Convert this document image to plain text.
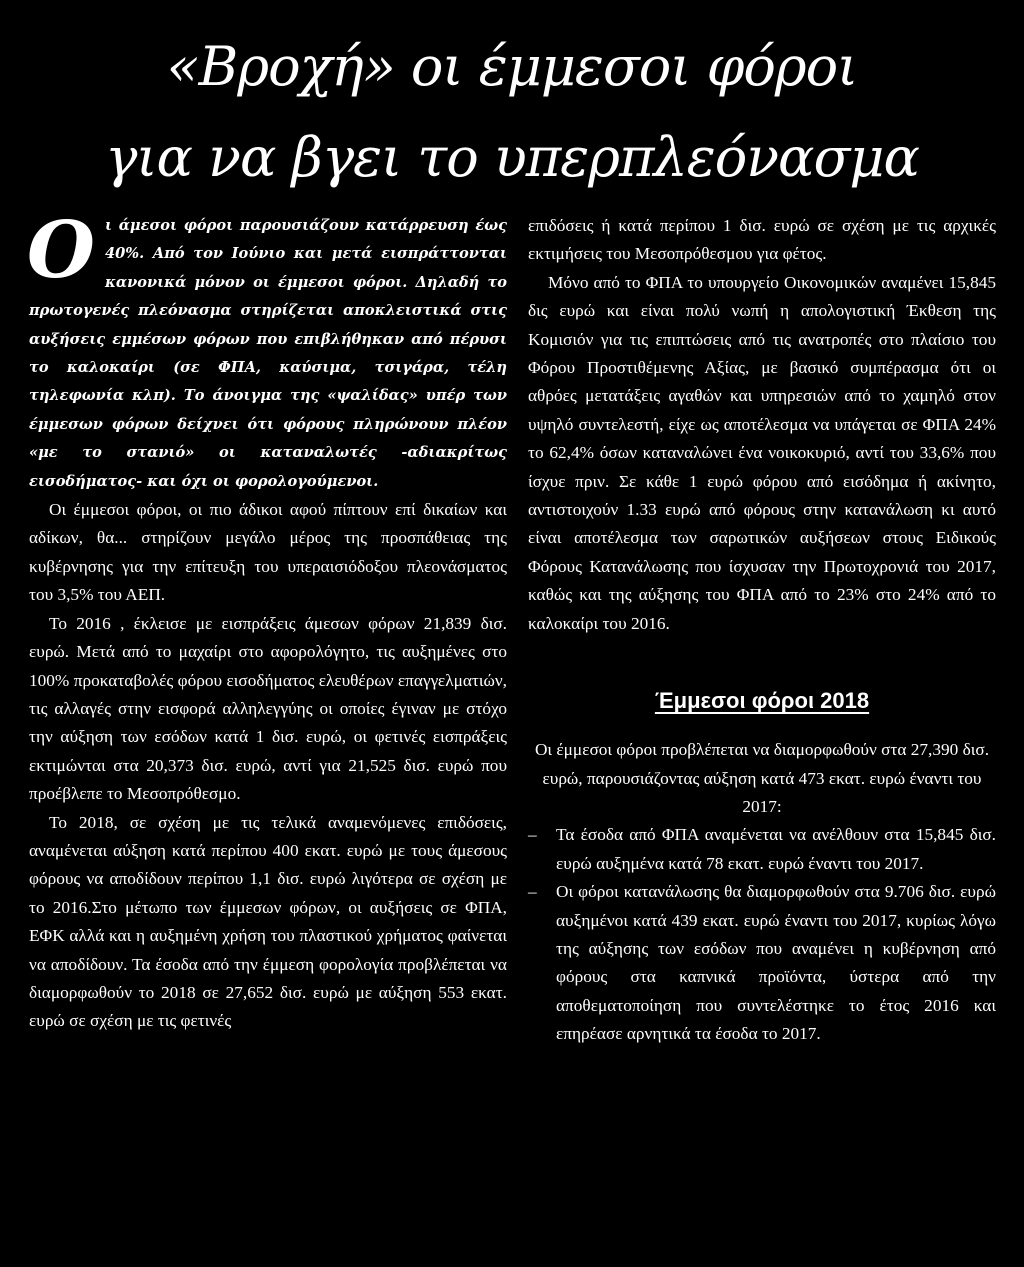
«Βροχή» οι έμμεσοι φόροι
για να βγει το υπερπλεόνασμα

Οι άμεσοι φόροι παρουσιάζουν κατάρρευση έως 40%. Από τον Ιούνιο και μετά εισπράττονται κανονικά μόνον οι έμμεσοι φόροι. Δηλαδή το πρωτογενές πλεόνασμα στηρίζεται αποκλειστικά στις αυξήσεις εμμέσων φόρων που επιβλήθηκαν από πέρυσι το καλοκαίρι (σε ΦΠΑ, καύσιμα, τσιγάρα, τέλη τηλεφωνία κλπ). Το άνοιγμα της «ψαλίδας» υπέρ των έμμεσων φόρων δείχνει ότι φόρους πληρώνουν πλέον «με το στανιό» οι καταναλωτές -αδιακρίτως εισοδήματος- και όχι οι φορολογούμενοι.

Οι έμμεσοι φόροι, οι πιο άδικοι αφού πίπτουν επί δικαίων και αδίκων, θα... στηρίζουν μεγάλο μέρος της προσπάθειας της κυβέρνησης για την επίτευξη του υπεραισιόδοξου πλεονάσματος του 3,5% του ΑΕΠ.

Το 2016 , έκλεισε με εισπράξεις άμεσων φόρων 21,839 δισ. ευρώ. Μετά από το μαχαίρι στο αφορολόγητο, τις αυξημένες στο 100% προκαταβολές φόρου εισοδήματος ελευθέρων επαγγελματιών, τις αλλαγές στην εισφορά αλληλεγγύης οι οποίες έγιναν με στόχο την αύξηση των εσόδων κατά 1 δισ. ευρώ, οι φετινές εισπράξεις εκτιμώνται στα 20,373 δισ. ευρώ, αντί για 21,525 δισ. ευρώ που προέβλεπε το Μεσοπρόθεσμο.

Το 2018, σε σχέση με τις τελικά αναμενόμενες επιδόσεις, αναμένεται αύξηση κατά περίπου 400 εκατ. ευρώ με τους άμεσους φόρους να αποδίδουν περίπου 1,1 δισ. ευρώ λιγότερα σε σχέση με το 2016.Στο μέτωπο των έμμεσων φόρων, οι αυξήσεις σε ΦΠΑ, ΕΦΚ αλλά και η αυξημένη χρήση του πλαστικού χρήματος φαίνεται να αποδίδουν. Τα έσοδα από την έμμεση φορολογία προβλέπεται να διαμορφωθούν το 2018 σε 27,652 δισ. ευρώ με αύξηση 553 εκατ. ευρώ σε σχέση με τις φετινές

επιδόσεις ή κατά περίπου 1 δισ. ευρώ σε σχέση με τις αρχικές εκτιμήσεις του Μεσοπρόθεσμου για φέτος.

Μόνο από το ΦΠΑ το υπουργείο Οικονομικών αναμένει 15,845 δις ευρώ και είναι πολύ νωπή η απολογιστική Έκθεση της Κομισιόν για τις επιπτώσεις από τις ανατροπές στο πλαίσιο του Φόρου Προστιθέμενης Αξίας, με βασικό συμπέρασμα ότι οι αθρόες μετατάξεις αγαθών και υπηρεσιών από το χαμηλό στον υψηλό συντελεστή, είχε ως αποτέλεσμα να υπάγεται σε ΦΠΑ 24% το 62,4% όσων καταναλώνει ένα νοικοκυριό, αντί του 33,6% που ίσχυε πριν. Σε κάθε 1 ευρώ φόρου από εισόδημα ή ακίνητο, αντιστοιχούν 1.33 ευρώ από φόρους στην κατανάλωση κι αυτό είναι αποτέλεσμα των σαρωτικών αυξήσεων στους Ειδικούς Φόρους Κατανάλωσης που ίσχυσαν την Πρωτοχρονιά του 2017, καθώς και της αύξησης του ΦΠΑ από το 23% στο 24% από το καλοκαίρι του 2016.

Έμμεσοι φόροι 2018

Οι έμμεσοι φόροι προβλέπεται να διαμορφωθούν στα 27,390 δισ. ευρώ, παρουσιάζοντας αύξηση κατά 473 εκατ. ευρώ έναντι του 2017:

– Τα έσοδα από ΦΠΑ αναμένεται να ανέλθουν στα 15,845 δισ. ευρώ αυξημένα κατά 78 εκατ. ευρώ έναντι του 2017.

– Οι φόροι κατανάλωσης θα διαμορφωθούν στα 9.706 δισ. ευρώ αυξημένοι κατά 439 εκατ. ευρώ έναντι του 2017, κυρίως λόγω της αύξησης των εσόδων που αναμένει η κυβέρνηση από φόρους στα καπνικά προϊόντα, ύστερα από την αποθεματοποίηση που συντελέστηκε το έτος 2016 και επηρέασε αρνητικά τα έσοδα το 2017.
